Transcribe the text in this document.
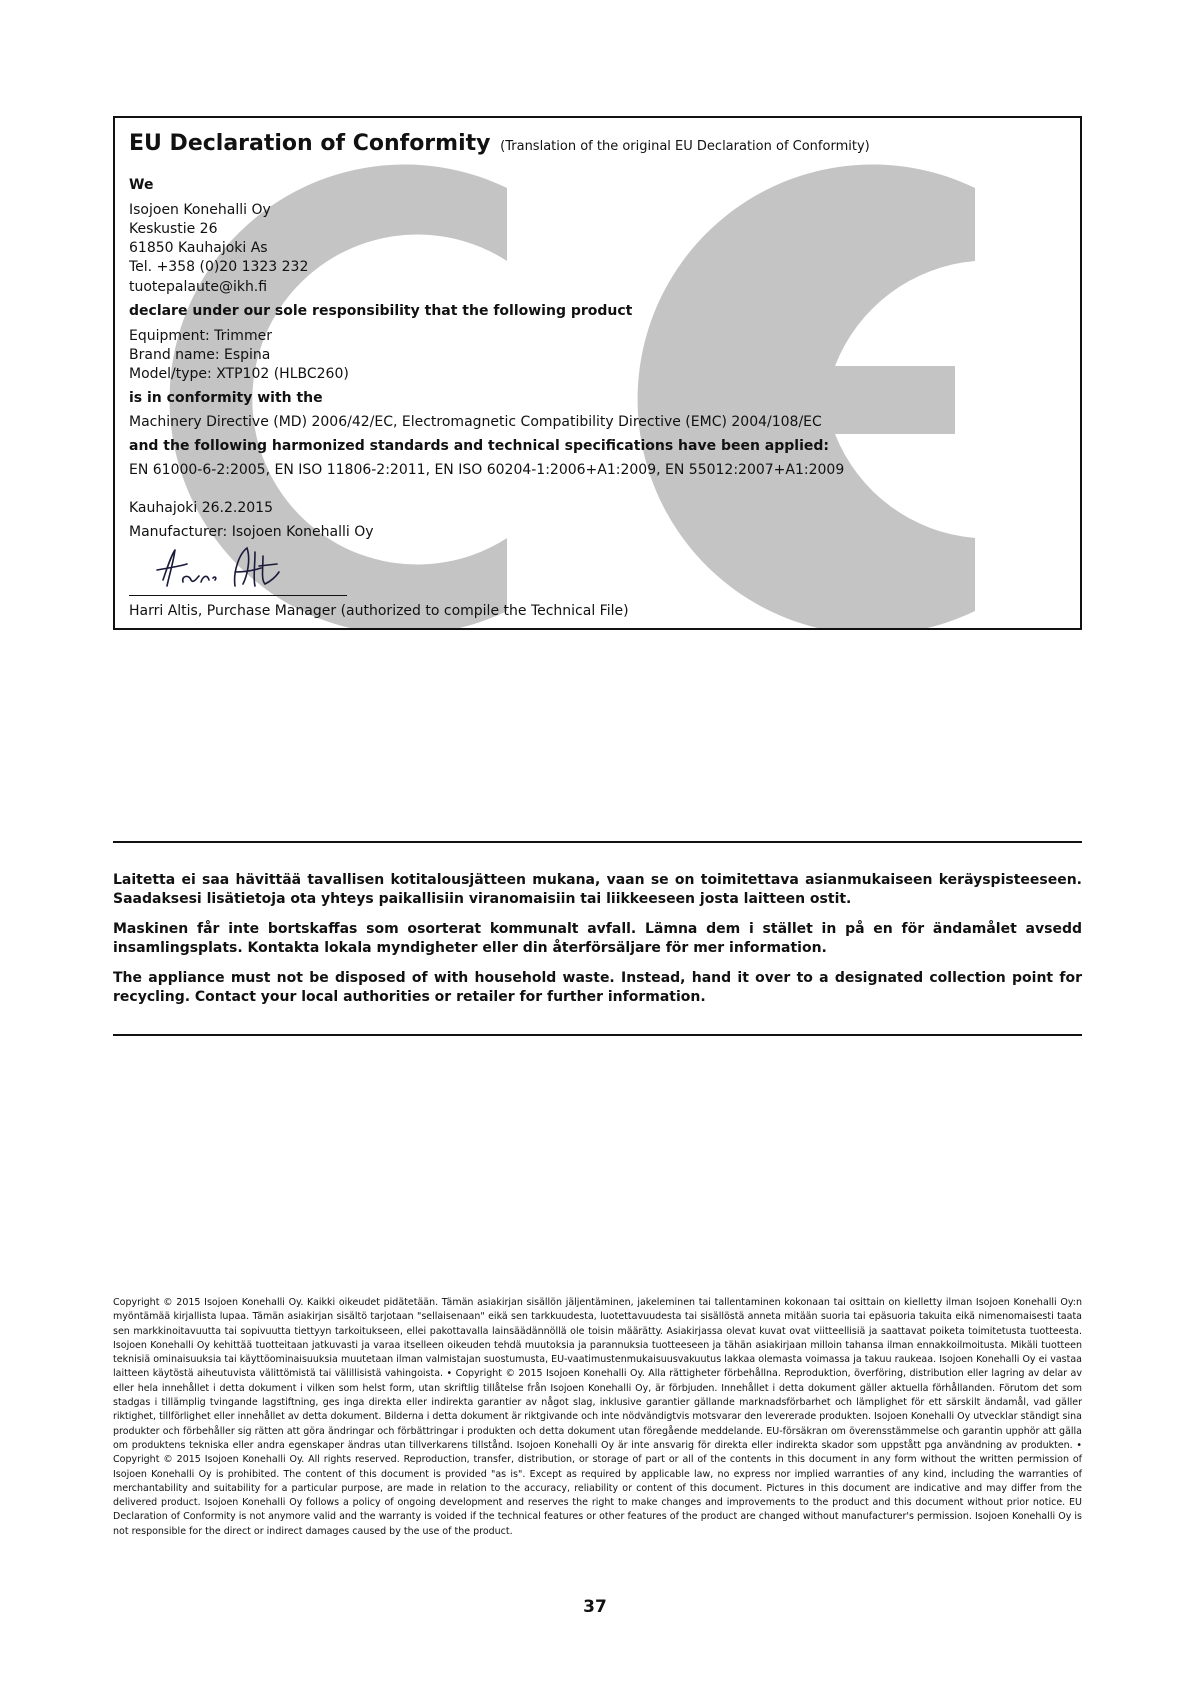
EU Declaration of Conformity (Translation of the original EU Declaration of Conformity)
We
Isojoen Konehalli Oy
Keskustie 26
61850 Kauhajoki As
Tel. +358 (0)20 1323 232
tuotepalaute@ikh.fi
declare under our sole responsibility that the following product
Equipment: Trimmer
Brand name: Espina
Model/type: XTP102 (HLBC260)
is in conformity with the
Machinery Directive (MD) 2006/42/EC, Electromagnetic Compatibility Directive (EMC) 2004/108/EC
and the following harmonized standards and technical specifications have been applied:
EN 61000-6-2:2005, EN ISO 11806-2:2011, EN ISO 60204-1:2006+A1:2009, EN 55012:2007+A1:2009
Kauhajoki 26.2.2015
Manufacturer: Isojoen Konehalli Oy
Harri Altis, Purchase Manager (authorized to compile the Technical File)

Laitetta ei saa hävittää tavallisen kotitalousjätteen mukana, vaan se on toimitettava asianmukaiseen keräyspisteeseen. Saadaksesi lisätietoja ota yhteys paikallisiin viranomaisiin tai liikkeeseen josta laitteen ostit.

Maskinen får inte bortskaffas som osorterat kommunalt avfall. Lämna dem i stället in på en för ändamålet avsedd insamlingsplats. Kontakta lokala myndigheter eller din återförsäljare för mer information.

The appliance must not be disposed of with household waste. Instead, hand it over to a designated collection point for recycling. Contact your local authorities or retailer for further information.

Copyright © 2015 Isojoen Konehalli Oy. Kaikki oikeudet pidätetään. Tämän asiakirjan sisällön jäljentäminen, jakeleminen tai tallentaminen kokonaan tai osittain on kielletty ilman Isojoen Konehalli Oy:n myöntämää kirjallista lupaa. Tämän asiakirjan sisältö tarjotaan "sellaisenaan" eikä sen tarkkuudesta, luotettavuudesta tai sisällöstä anneta mitään suoria tai epäsuoria takuita eikä nimenomaisesti taata sen markkinoitavuutta tai sopivuutta tiettyyn tarkoitukseen, ellei pakottavalla lainsäädännöllä ole toisin määrätty. Asiakirjassa olevat kuvat ovat viitteellisiä ja saattavat poiketa toimitetusta tuotteesta. Isojoen Konehalli Oy kehittää tuotteitaan jatkuvasti ja varaa itselleen oikeuden tehdä muutoksia ja parannuksia tuotteeseen ja tähän asiakirjaan milloin tahansa ilman ennakkoilmoitusta. Mikäli tuotteen teknisiä ominaisuuksia tai käyttöominaisuuksia muutetaan ilman valmistajan suostumusta, EU-vaatimustenmukaisuusvakuutus lakkaa olemasta voimassa ja takuu raukeaa. Isojoen Konehalli Oy ei vastaa laitteen käytöstä aiheutuvista välittömistä tai välillisistä vahingoista. • Copyright © 2015 Isojoen Konehalli Oy. Alla rättigheter förbehållna. Reproduktion, överföring, distribution eller lagring av delar av eller hela innehållet i detta dokument i vilken som helst form, utan skriftlig tillåtelse från Isojoen Konehalli Oy, är förbjuden. Innehållet i detta dokument gäller aktuella förhållanden. Förutom det som stadgas i tillämplig tvingande lagstiftning, ges inga direkta eller indirekta garantier av något slag, inklusive garantier gällande marknadsförbarhet och lämplighet för ett särskilt ändamål, vad gäller riktighet, tillförlighet eller innehållet av detta dokument. Bilderna i detta dokument är riktgivande och inte nödvändigtvis motsvarar den levererade produkten. Isojoen Konehalli Oy utvecklar ständigt sina produkter och förbehåller sig rätten att göra ändringar och förbättringar i produkten och detta dokument utan föregående meddelande. EU-försäkran om överensstämmelse och garantin upphör att gälla om produktens tekniska eller andra egenskaper ändras utan tillverkarens tillstånd. Isojoen Konehalli Oy är inte ansvarig för direkta eller indirekta skador som uppstått pga användning av produkten. • Copyright © 2015 Isojoen Konehalli Oy. All rights reserved. Reproduction, transfer, distribution, or storage of part or all of the contents in this document in any form without the written permission of Isojoen Konehalli Oy is prohibited. The content of this document is provided "as is". Except as required by applicable law, no express nor implied warranties of any kind, including the warranties of merchantability and suitability for a particular purpose, are made in relation to the accuracy, reliability or content of this document. Pictures in this document are indicative and may differ from the delivered product. Isojoen Konehalli Oy follows a policy of ongoing development and reserves the right to make changes and improvements to the product and this document without prior notice. EU Declaration of Conformity is not anymore valid and the warranty is voided if the technical features or other features of the product are changed without manufacturer's permission. Isojoen Konehalli Oy is not responsible for the direct or indirect damages caused by the use of the product.

37
